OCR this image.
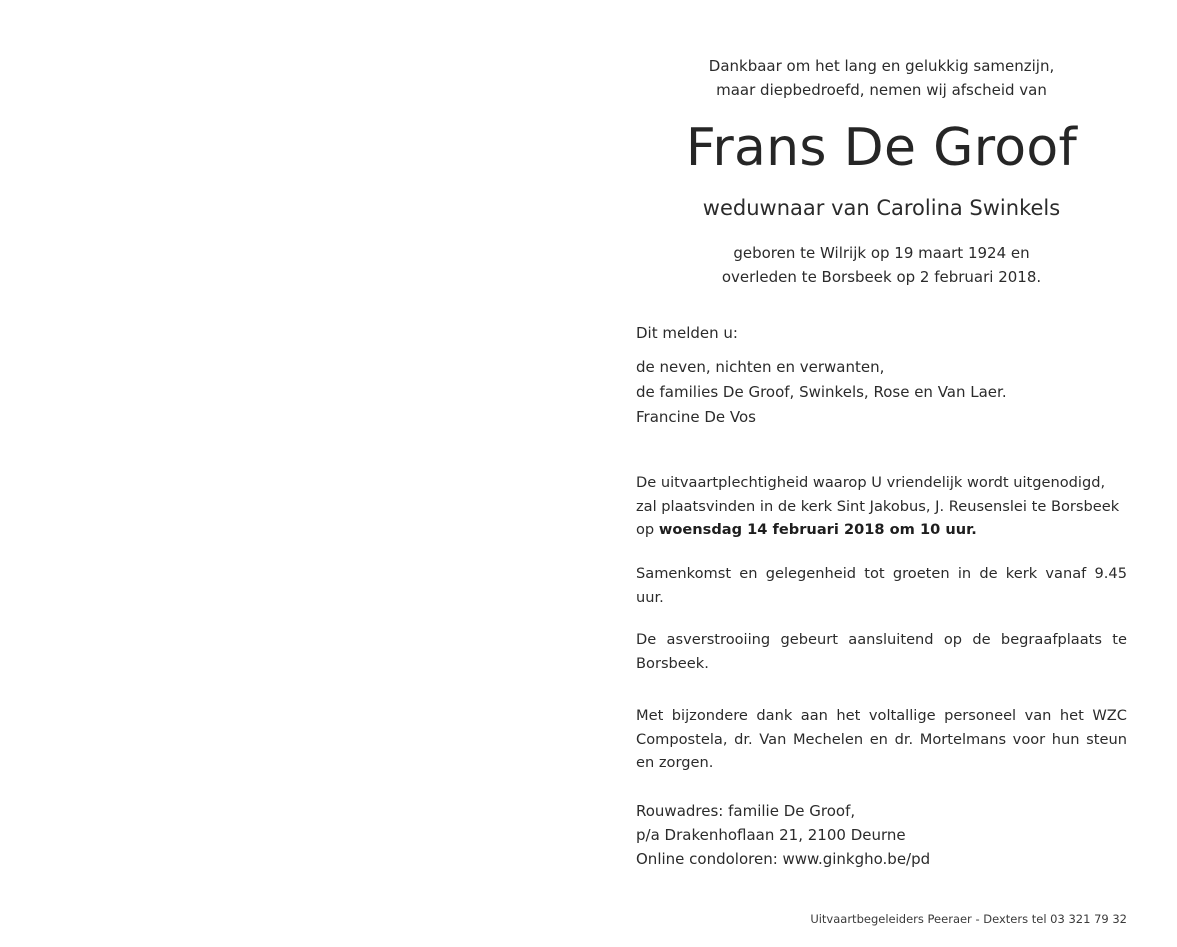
Dankbaar om het lang en gelukkig samenzijn,
maar diepbedroefd, nemen wij afscheid van
Frans De Groof
weduwnaar van Carolina Swinkels
geboren te Wilrijk op 19 maart 1924 en
overleden te Borsbeek op 2 februari 2018.
Dit melden u:
de neven, nichten en verwanten,
de families De Groof, Swinkels, Rose en Van Laer.
Francine De Vos
De uitvaartplechtigheid waarop U vriendelijk wordt uitgenodigd,
zal plaatsvinden in de kerk Sint Jakobus, J. Reusenslei te Borsbeek
op woensdag 14 februari 2018 om 10 uur.
Samenkomst en gelegenheid tot groeten in de kerk vanaf 9.45 uur.
De asverstrooiing gebeurt aansluitend op de begraafplaats te Borsbeek.
Met bijzondere dank aan het voltallige personeel van het WZC Compostela, dr. Van Mechelen en dr. Mortelmans voor hun steun en zorgen.
Rouwadres: familie De Groof,
p/a Drakenhoflaan 21, 2100 Deurne
Online condoloren: www.ginkgho.be/pd
Uitvaartbegeleiders Peeraer - Dexters tel 03 321 79 32
